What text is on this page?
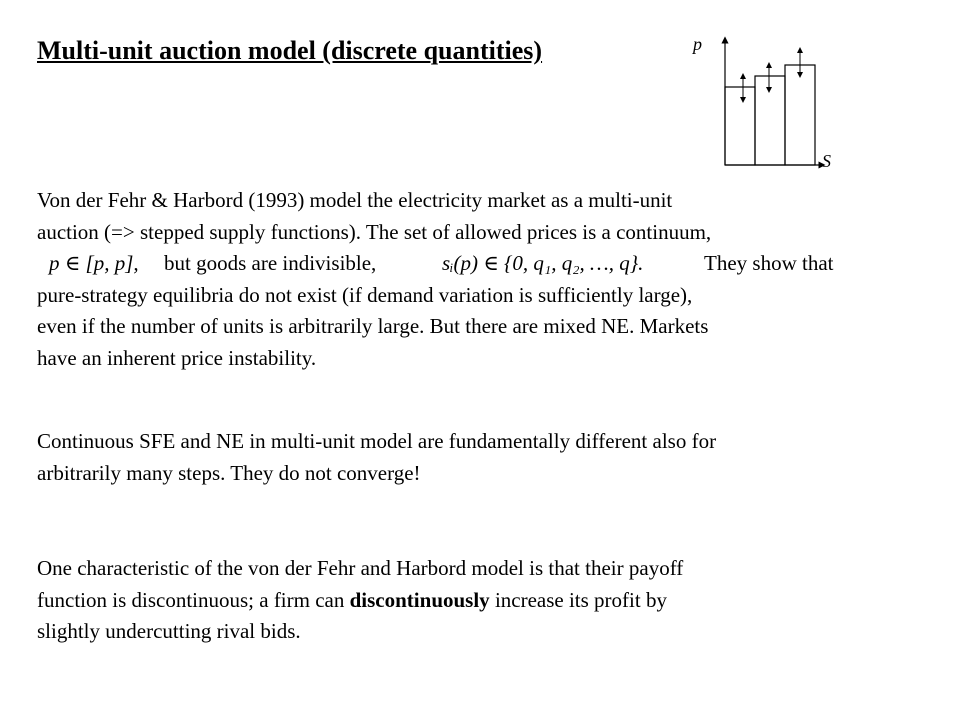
Multi-unit auction model (discrete quantities)	p
S
Von der Fehr & Harbord (1993) model the electricity market as a multi-unit
auction (=> stepped supply functions). The set of allowed prices is a continuum,
p ∈ [p, p], but goods are indivisible,	sᵢ(p) ∈ {0, q₁, q₂, …, q}.	They show that
pure-strategy equilibria do not exist (if demand variation is sufficiently large),
even if the number of units is arbitrarily large. But there are mixed NE. Markets
have an inherent price instability.
Continuous SFE and NE in multi-unit model are fundamentally different also for
arbitrarily many steps. They do not converge!
One characteristic of the von der Fehr and Harbord model is that their payoff
function is discontinuous; a firm can discontinuously increase its profit by
slightly undercutting rival bids.
